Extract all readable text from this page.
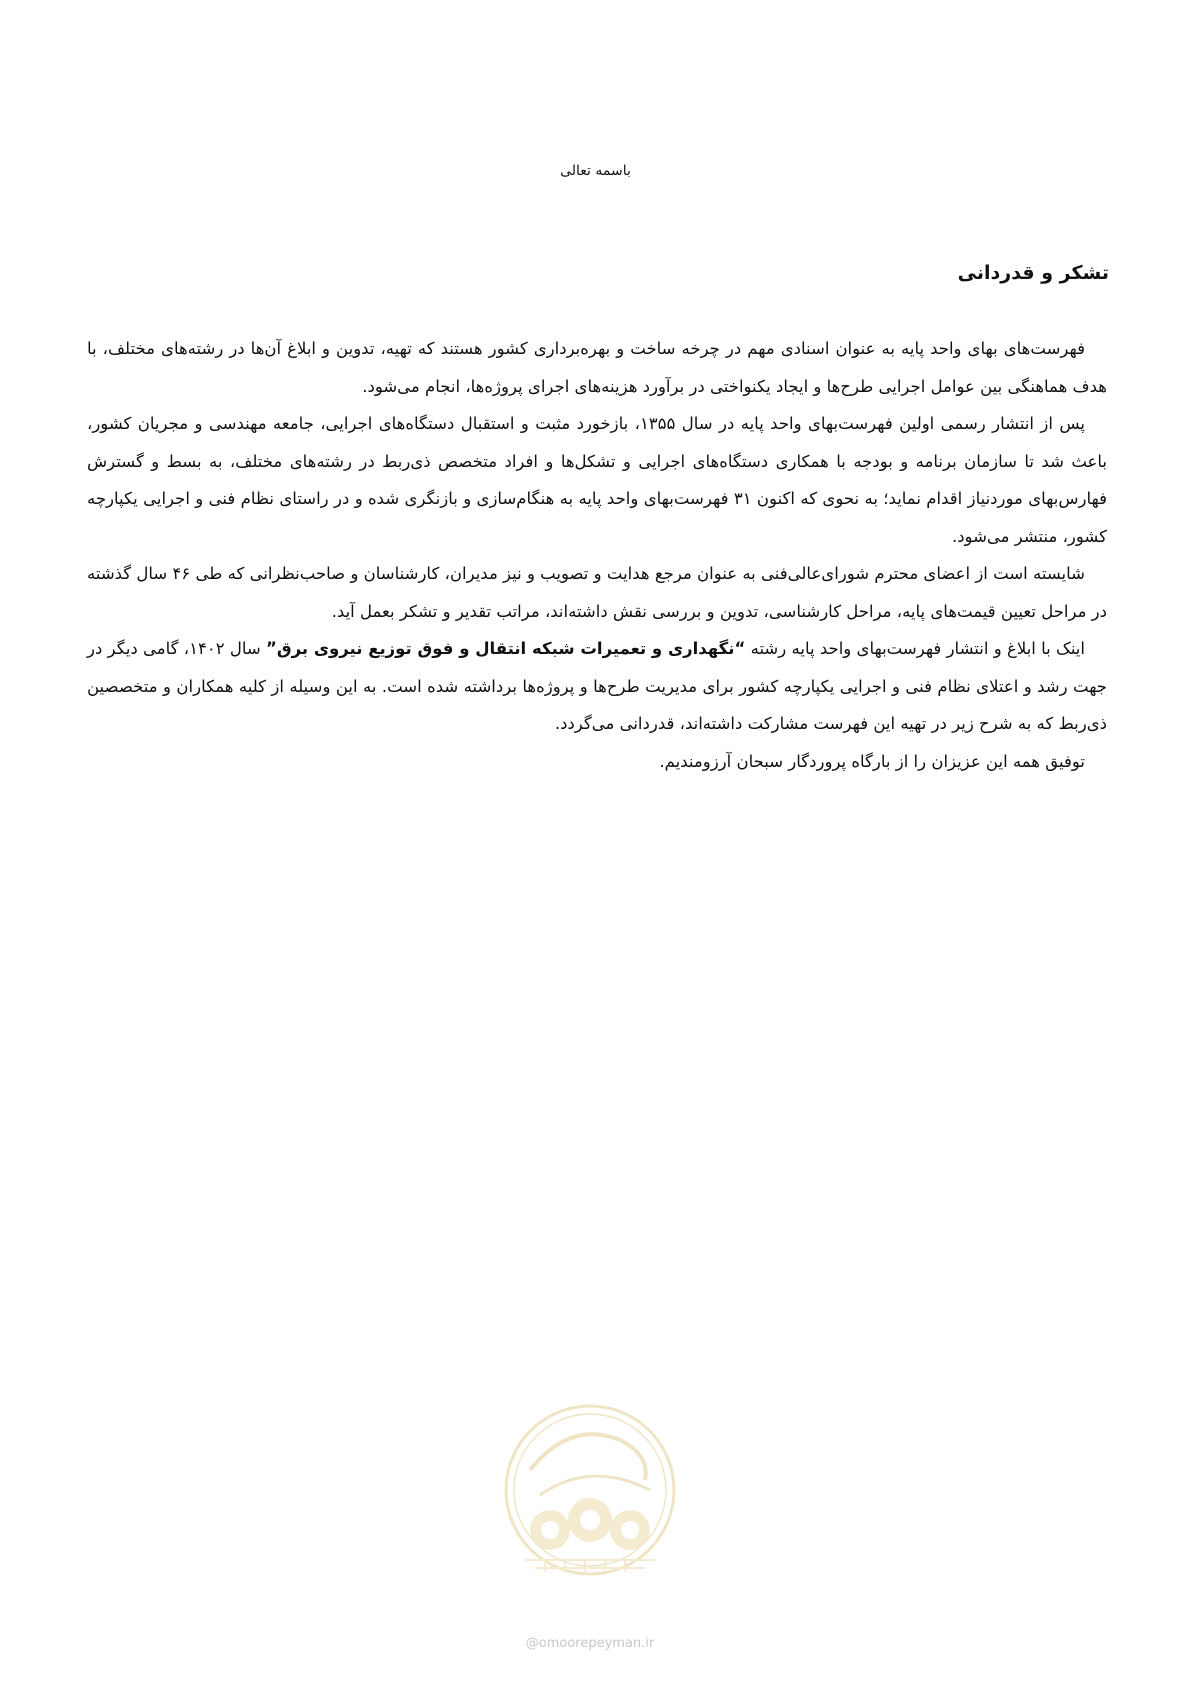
باسمه تعالی
تشکر و قدردانی

فهرست‌های بهای واحد پایه به عنوان اسنادی مهم در چرخه ساخت و بهره‌برداری کشور هستند که تهیه، تدوین و ابلاغ آن‌ها در رشته‌های مختلف، با هدف هماهنگی بین عوامل اجرایی طرح‌ها و ایجاد یکنواختی در برآورد هزینه‌های اجرای پروژه‌ها، انجام می‌شود.

پس از انتشار رسمی اولین فهرست‌بهای واحد پایه در سال ۱۳۵۵، بازخورد مثبت و استقبال دستگاه‌های اجرایی، جامعه مهندسی و مجریان کشور، باعث شد تا سازمان برنامه و بودجه با همکاری دستگاه‌های اجرایی و تشکل‌ها و افراد متخصص ذی‌ربط در رشته‌های مختلف، به بسط و گسترش فهارس‌بهای موردنیاز اقدام نماید؛ به نحوی که اکنون ۳۱ فهرست‌بهای واحد پایه به هنگام‌سازی و بازنگری شده و در راستای نظام فنی و اجرایی یکپارچه کشور، منتشر می‌شود.

شایسته است از اعضای محترم شورای‌عالی‌فنی به عنوان مرجع هدایت و تصویب و نیز مدیران، کارشناسان و صاحب‌نظرانی که طی ۴۶ سال گذشته در مراحل تعیین قیمت‌های پایه، مراحل کارشناسی، تدوین و بررسی نقش داشته‌اند، مراتب تقدیر و تشکر بعمل آید.

اینک با ابلاغ و انتشار فهرست‌بهای واحد پایه رشته “نگهداری و تعمیرات شبکه انتقال و فوق توزیع نیروی برق” سال ۱۴۰۲، گامی دیگر در جهت رشد و اعتلای نظام فنی و اجرایی یکپارچه کشور برای مدیریت طرح‌ها و پروژه‌ها برداشته شده است. به این وسیله از کلیه همکاران و متخصصین ذی‌ربط که به شرح زیر در تهیه این فهرست مشارکت داشته‌اند، قدردانی می‌گردد.

توفیق همه این عزیزان را از بارگاه پروردگار سبحان آرزومندیم.

@omoorepeyman.ir
